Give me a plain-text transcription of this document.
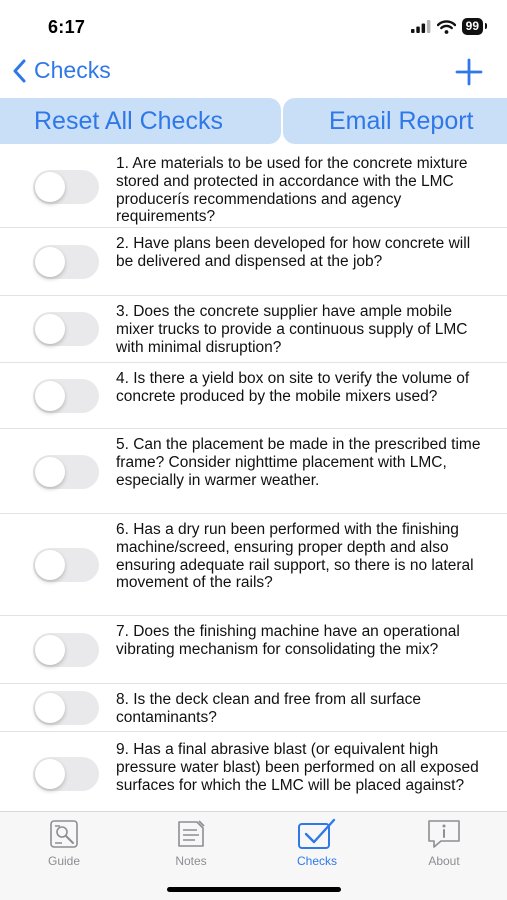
6:17	99
Checks
Reset All Checks	Email Report
1. Are materials to be used for the concrete mixture stored and protected in accordance with the LMC producerís recommendations and agency requirements?
2. Have plans been developed for how concrete will be delivered and dispensed at the job?
3. Does the concrete supplier have ample mobile mixer trucks to provide a continuous supply of LMC with minimal disruption?
4. Is there a yield box on site to verify the volume of concrete produced by the mobile mixers used?
5. Can the placement be made in the prescribed time frame? Consider nighttime placement with LMC, especially in warmer weather.
6. Has a dry run been performed with the finishing machine/screed, ensuring proper depth and also ensuring adequate rail support, so there is no lateral movement of the rails?
7. Does the finishing machine have an operational vibrating mechanism for consolidating the mix?
8. Is the deck clean and free from all surface contaminants?
9. Has a final abrasive blast (or equivalent high pressure water blast) been performed on all exposed surfaces for which the LMC will be placed against?
Guide	Notes	Checks	About
